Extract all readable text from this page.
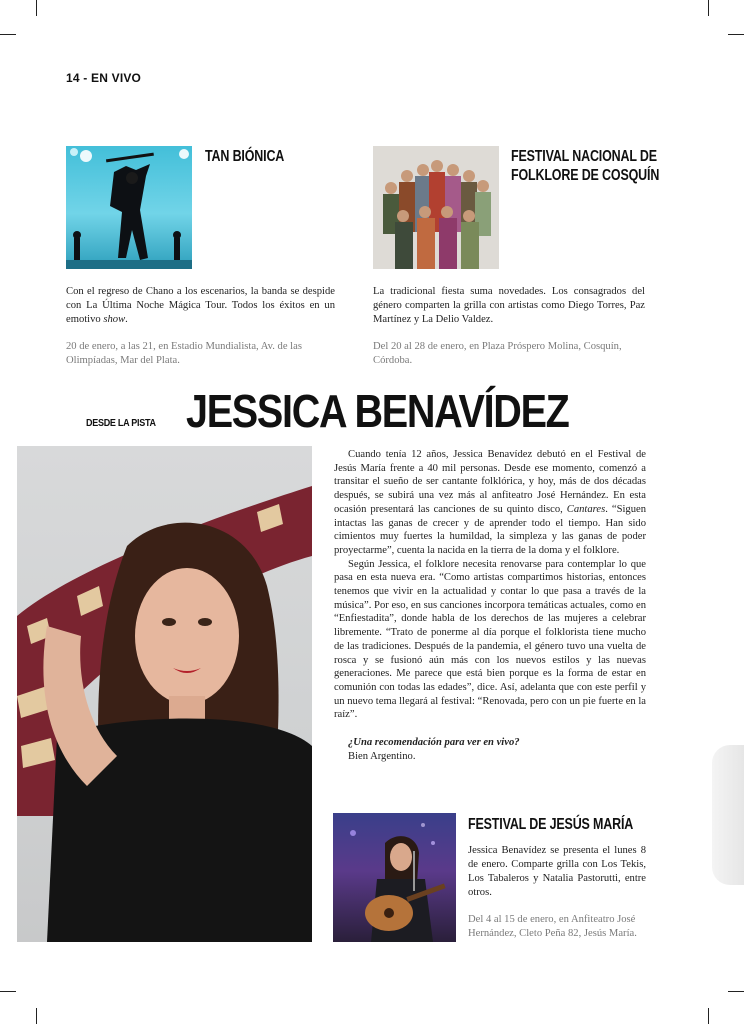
14 - EN VIVO
TAN BIÓNICA

Con el regreso de Chano a los escenarios, la banda se despide con La Última Noche Mágica Tour. Todos los éxitos en un emotivo show.

20 de enero, a las 21, en Estadio Mundialista, Av. de las Olimpíadas, Mar del Plata.

FESTIVAL NACIONAL DE
FOLKLORE DE COSQUÍN

La tradicional fiesta suma novedades. Los consagrados del género comparten la grilla con artistas como Diego Torres, Paz Martínez y La Delio Valdez.

Del 20 al 28 de enero, en Plaza Próspero Molina, Cosquín, Córdoba.

DESDE LA PISTA JESSICA BENAVÍDEZ

Cuando tenía 12 años, Jessica Benavídez debutó en el Festival de Jesús María frente a 40 mil personas. Desde ese momento, comenzó a transitar el sueño de ser cantante folklórica, y hoy, más de dos décadas después, se subirá una vez más al anfiteatro José Hernández. En esta ocasión presentará las canciones de su quinto disco, Cantares. “Siguen intactas las ganas de crecer y de aprender todo el tiempo. Han sido cimientos muy fuertes la humildad, la simpleza y las ganas de poder proyectarme”, cuenta la nacida en la tierra de la doma y el folklore.

Según Jessica, el folklore necesita renovarse para contemplar lo que pasa en esta nueva era. “Como artistas compartimos historias, entonces tenemos que vivir en la actualidad y contar lo que pasa a través de la música”. Por eso, en sus canciones incorpora temáticas actuales, como en “Enfiestadita”, donde habla de los derechos de las mujeres a celebrar libremente. “Trato de ponerme al día porque el folklorista tiene mucho de las tradiciones. Después de la pandemia, el género tuvo una vuelta de rosca y se fusionó aún más con los nuevos estilos y las nuevas generaciones. Me parece que está bien porque es la forma de estar en comunión con todas las edades”, dice. Así, adelanta que con este perfil y un nuevo tema llegará al festival: “Renovada, pero con un pie fuerte en la raíz”.

¿Una recomendación para ver en vivo?

Bien Argentino.

FESTIVAL DE JESÚS MARÍA

Jessica Benavídez se presenta el lunes 8 de enero. Comparte grilla con Los Tekis, Los Tabaleros y Natalia Pastorutti, entre otros.

Del 4 al 15 de enero, en Anfiteatro José Hernández, Cleto Peña 82, Jesús María.
